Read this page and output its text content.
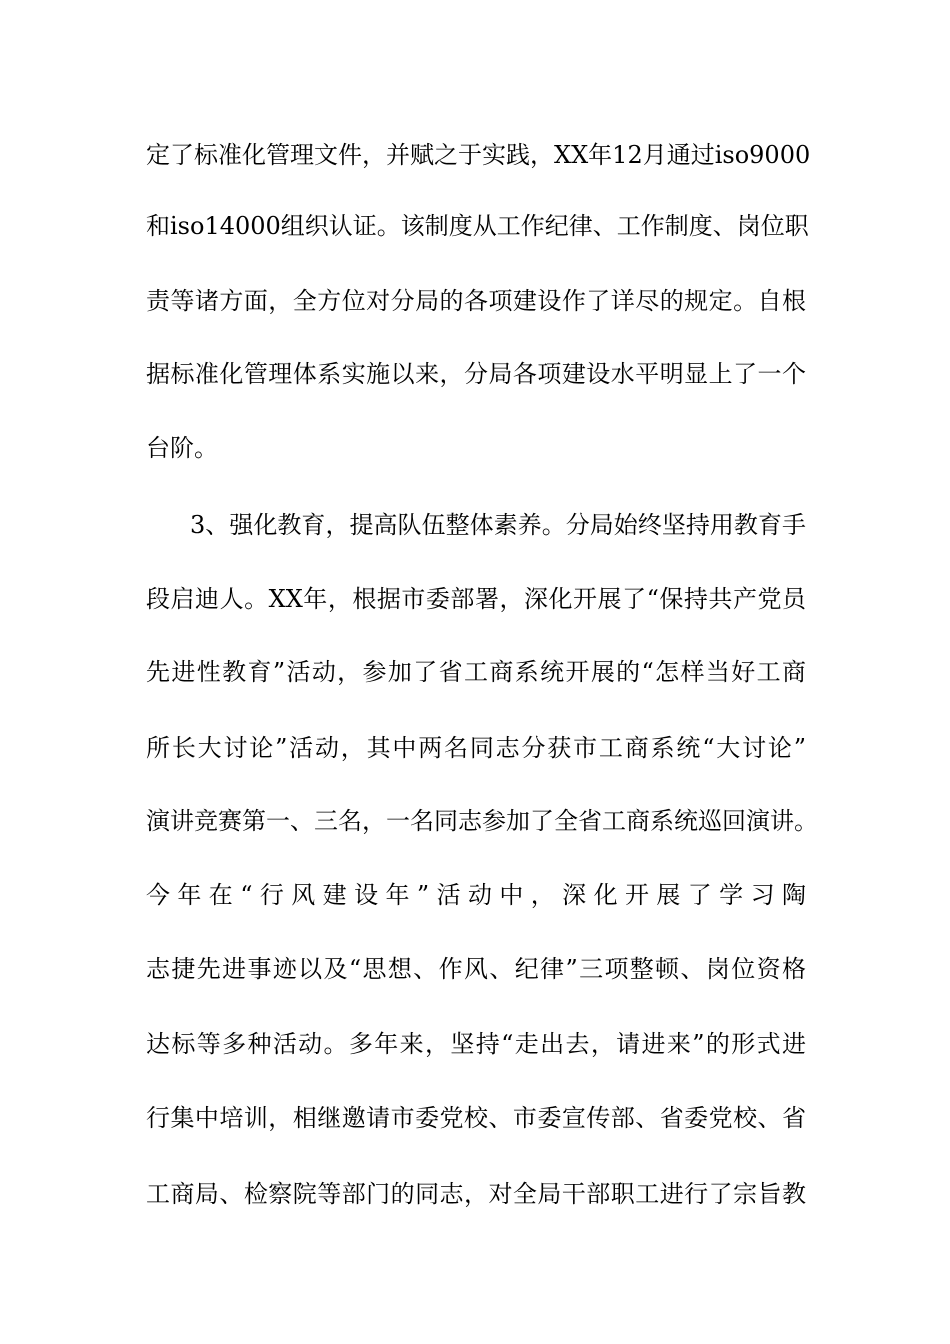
定了标准化管理文件，并赋之于实践，XX年12月通过iso9000
和iso14000组织认证。该制度从工作纪律、工作制度、岗位职
责等诸方面，全方位对分局的各项建设作了详尽的规定。自根
据标准化管理体系实施以来，分局各项建设水平明显上了一个
台阶。
3、强化教育，提高队伍整体素养。分局始终坚持用教育手
段启迪人。XX年，根据市委部署，深化开展了“保持共产党员
先进性教育”活动，参加了省工商系统开展的“怎样当好工商
所长大讨论”活动，其中两名同志分获市工商系统“大讨论”
演讲竞赛第一、三名，一名同志参加了全省工商系统巡回演讲。
今年在“行风建设年”活动中，深化开展了学习陶
志捷先进事迹以及“思想、作风、纪律”三项整顿、岗位资格
达标等多种活动。多年来，坚持“走出去，请进来”的形式进
行集中培训，相继邀请市委党校、市委宣传部、省委党校、省
工商局、检察院等部门的同志，对全局干部职工进行了宗旨教
